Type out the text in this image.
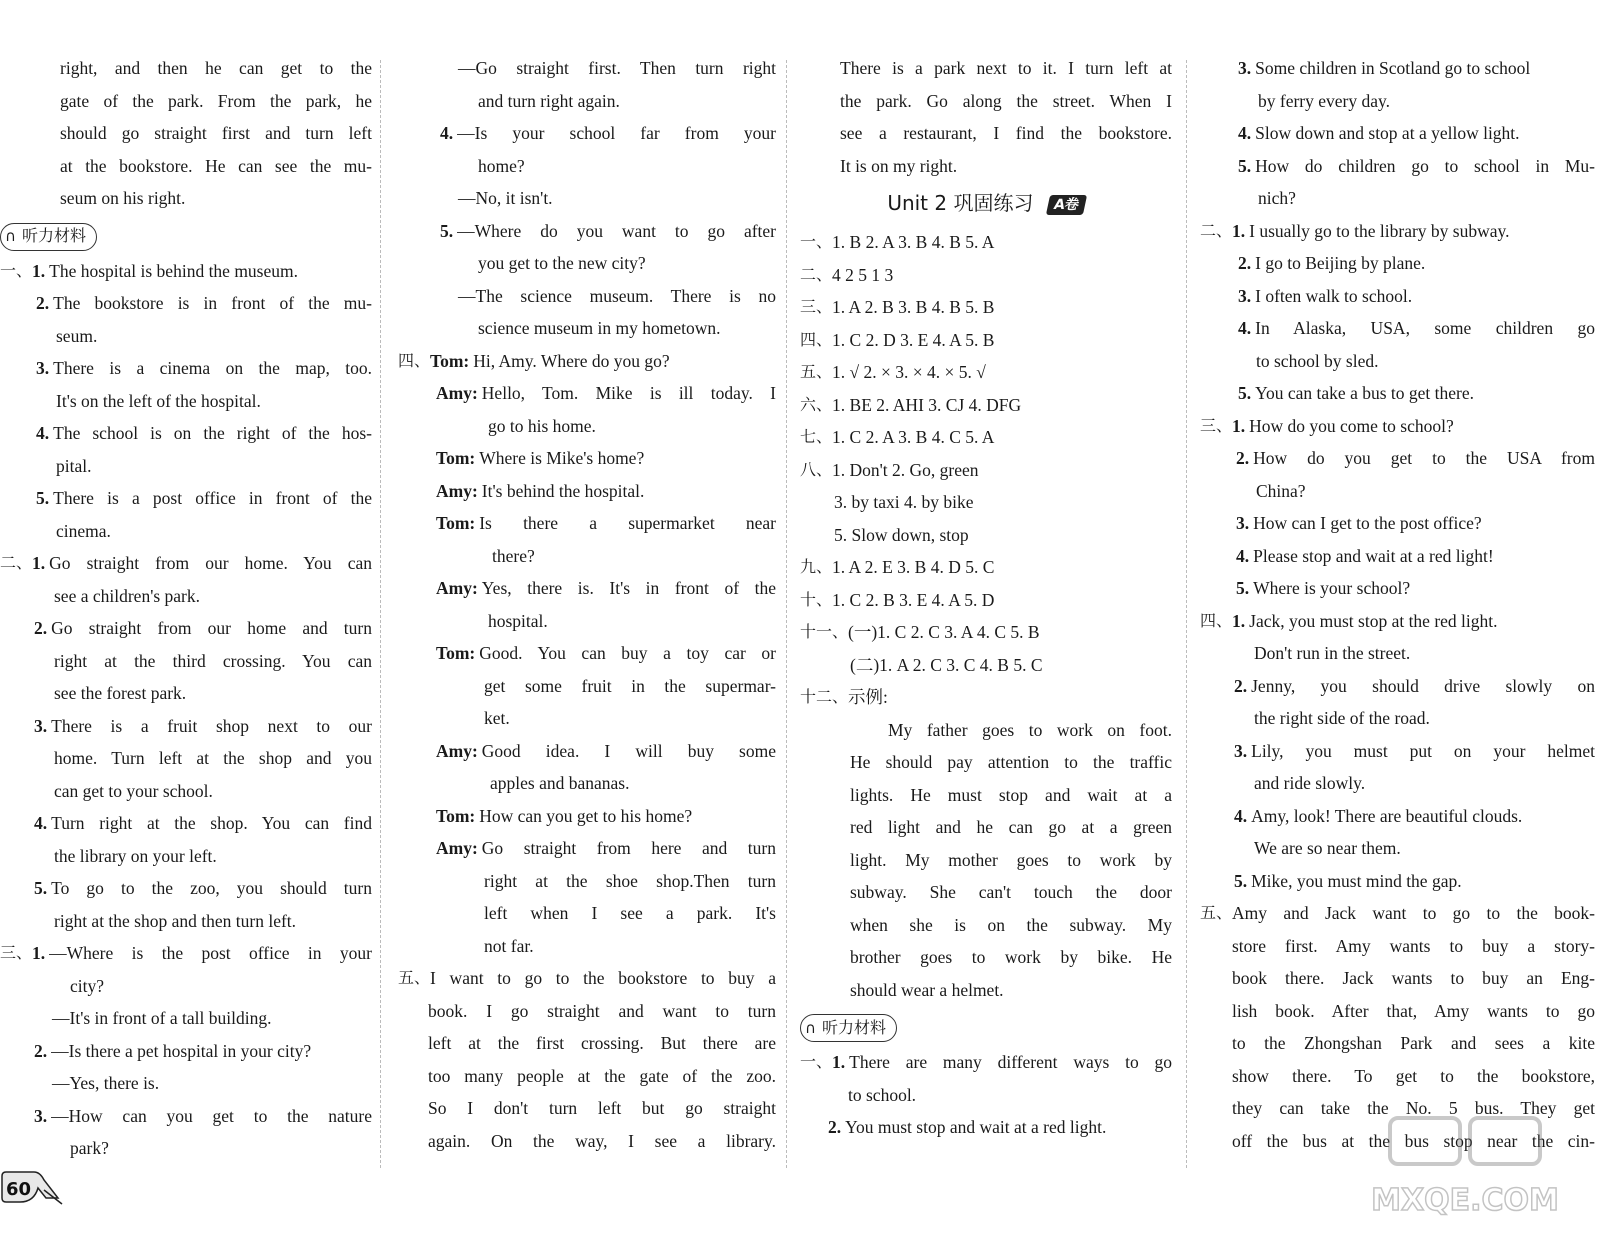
right, and then he can get to the
gate of the park. From the park, he
should go straight first and turn left
at the bookstore. He can see the mu-
seum on his right.
∩ 听力材料
一、 1. The hospital is behind the museum.
2. The bookstore is in front of the mu-
seum.
3. There is a cinema on the map, too.
It's on the left of the hospital.
4. The school is on the right of the hos-
pital.
5. There is a post office in front of the
cinema.
二、 1. Go straight from our home. You can
see a children's park.
2. Go straight from our home and turn
right at the third crossing. You can
see the forest park.
3. There is a fruit shop next to our
home. Turn left at the shop and you
can get to your school.
4. Turn right at the shop. You can find
the library on your left.
5. To go to the zoo, you should turn
right at the shop and then turn left.
三、 1. —Where is the post office in your
city?
—It's in front of a tall building.
2. —Is there a pet hospital in your city?
—Yes, there is.
3. —How can you get to the nature
park?
—Go straight first. Then turn right
and turn right again.
4. —Is your school far from your
home?
—No, it isn't.
5. —Where do you want to go after
you get to the new city?
—The science museum. There is no
science museum in my hometown.
四、 Tom: Hi, Amy. Where do you go?
Amy: Hello, Tom. Mike is ill today. I
go to his home.
Tom: Where is Mike's home?
Amy: It's behind the hospital.
Tom: Is there a supermarket near
there?
Amy: Yes, there is. It's in front of the
hospital.
Tom: Good. You can buy a toy car or
get some fruit in the supermar-
ket.
Amy: Good idea. I will buy some
apples and bananas.
Tom: How can you get to his home?
Amy: Go straight from here and turn
right at the shoe shop.Then turn
left when I see a park. It's
not far.
五、 I want to go to the bookstore to buy a
book. I go straight and want to turn
left at the first crossing. But there are
too many people at the gate of the zoo.
So I don't turn left but go straight
again. On the way, I see a library.
There is a park next to it. I turn left at
the park. Go along the street. When I
see a restaurant, I find the bookstore.
It is on my right.
Unit 2 巩固练习 A卷
一、 1. B 2. A 3. B 4. B 5. A
二、 4 2 5 1 3
三、 1. A 2. B 3. B 4. B 5. B
四、 1. C 2. D 3. E 4. A 5. B
五、 1. √ 2. × 3. × 4. × 5. √
六、 1. BE 2. AHI 3. CJ 4. DFG
七、 1. C 2. A 3. B 4. C 5. A
八、 1. Don't 2. Go, green
3. by taxi 4. by bike
5. Slow down, stop
九、 1. A 2. E 3. B 4. D 5. C
十、 1. C 2. B 3. E 4. A 5. D
十一、 (一)1. C 2. C 3. A 4. C 5. B
(二)1. A 2. C 3. C 4. B 5. C
十二、 示例:
My father goes to work on foot.
He should pay attention to the traffic
lights. He must stop and wait at a
red light and he can go at a green
light. My mother goes to work by
subway. She can't touch the door
when she is on the subway. My
brother goes to work by bike. He
should wear a helmet.
∩ 听力材料
一、 1. There are many different ways to go
to school.
2. You must stop and wait at a red light.
3. Some children in Scotland go to school
by ferry every day.
4. Slow down and stop at a yellow light.
5. How do children go to school in Mu-
nich?
二、 1. I usually go to the library by subway.
2. I go to Beijing by plane.
3. I often walk to school.
4. In Alaska, USA, some children go
to school by sled.
5. You can take a bus to get there.
三、 1. How do you come to school?
2. How do you get to the USA from
China?
3. How can I get to the post office?
4. Please stop and wait at a red light!
5. Where is your school?
四、 1. Jack, you must stop at the red light.
Don't run in the street.
2. Jenny, you should drive slowly on
the right side of the road.
3. Lily, you must put on your helmet
and ride slowly.
4. Amy, look! There are beautiful clouds.
We are so near them.
5. Mike, you must mind the gap.
五、 Amy and Jack want to go to the book-
store first. Amy wants to buy a story-
book there. Jack wants to buy an Eng-
lish book. After that, Amy wants to go
to the Zhongshan Park and sees a kite
show there. To get to the bookstore,
they can take the No. 5 bus. They get
off the bus at the bus stop near the cin-
60	MXQE.COM
